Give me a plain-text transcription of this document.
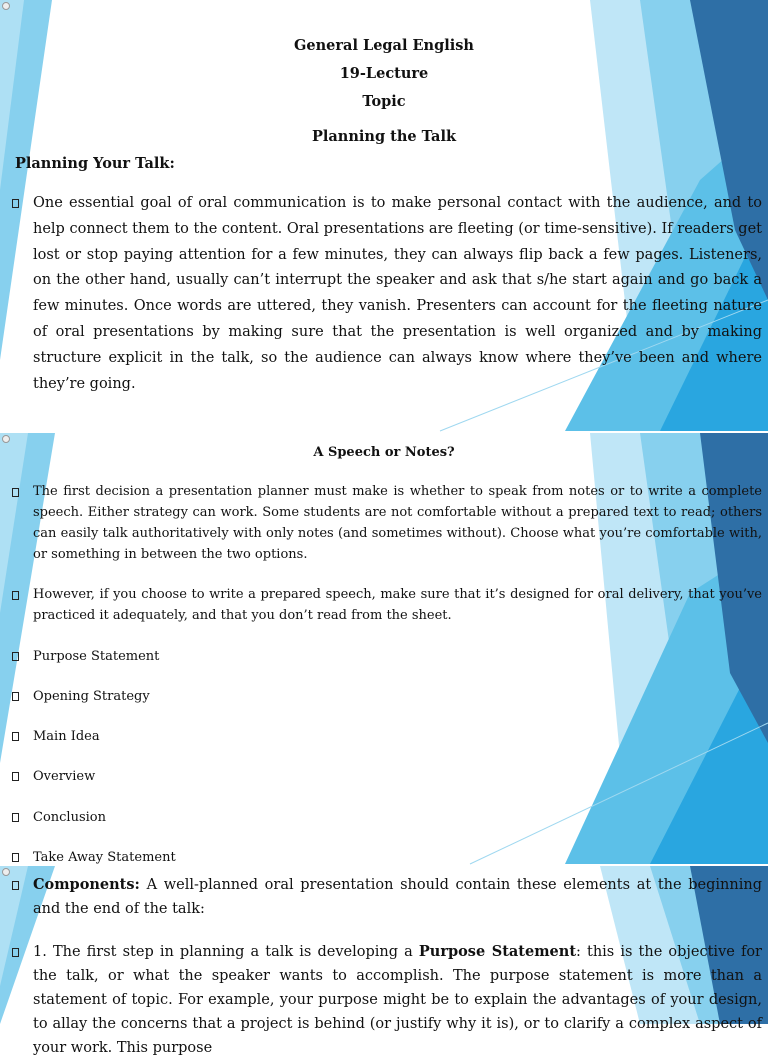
General Legal English
19-Lecture
Topic
Planning the Talk
Planning Your Talk:
One essential goal of oral communication is to make personal contact with the audience, and to help connect them to the content. Oral presentations are fleeting (or time-sensitive). If readers get lost or stop paying attention for a few minutes, they can always flip back a few pages. Listeners, on the other hand, usually can’t interrupt the speaker and ask that s/he start again and go back a few minutes. Once words are uttered, they vanish. Presenters can account for the fleeting nature of oral presentations by making sure that the presentation is well organized and by making structure explicit in the talk, so the audience can always know where they’ve been and where they’re going.
A Speech or Notes?
The first decision a presentation planner must make is whether to speak from notes or to write a complete speech. Either strategy can work. Some students are not comfortable without a prepared text to read; others can easily talk authoritatively with only notes (and sometimes without). Choose what you’re comfortable with, or something in between the two options.
However, if you choose to write a prepared speech, make sure that it’s designed for oral delivery, that you’ve practiced it adequately, and that you don’t read from the sheet.
Purpose Statement
Opening Strategy
Main Idea
Overview
Conclusion
Take Away Statement
Components: A well-planned oral presentation should contain these elements at the beginning and the end of the talk:
1. The first step in planning a talk is developing a Purpose Statement: this is the objective for the talk, or what the speaker wants to accomplish. The purpose statement is more than a statement of topic. For example, your purpose might be to explain the advantages of your design, to allay the concerns that a project is behind (or justify why it is), or to clarify a complex aspect of your work. This purpose
